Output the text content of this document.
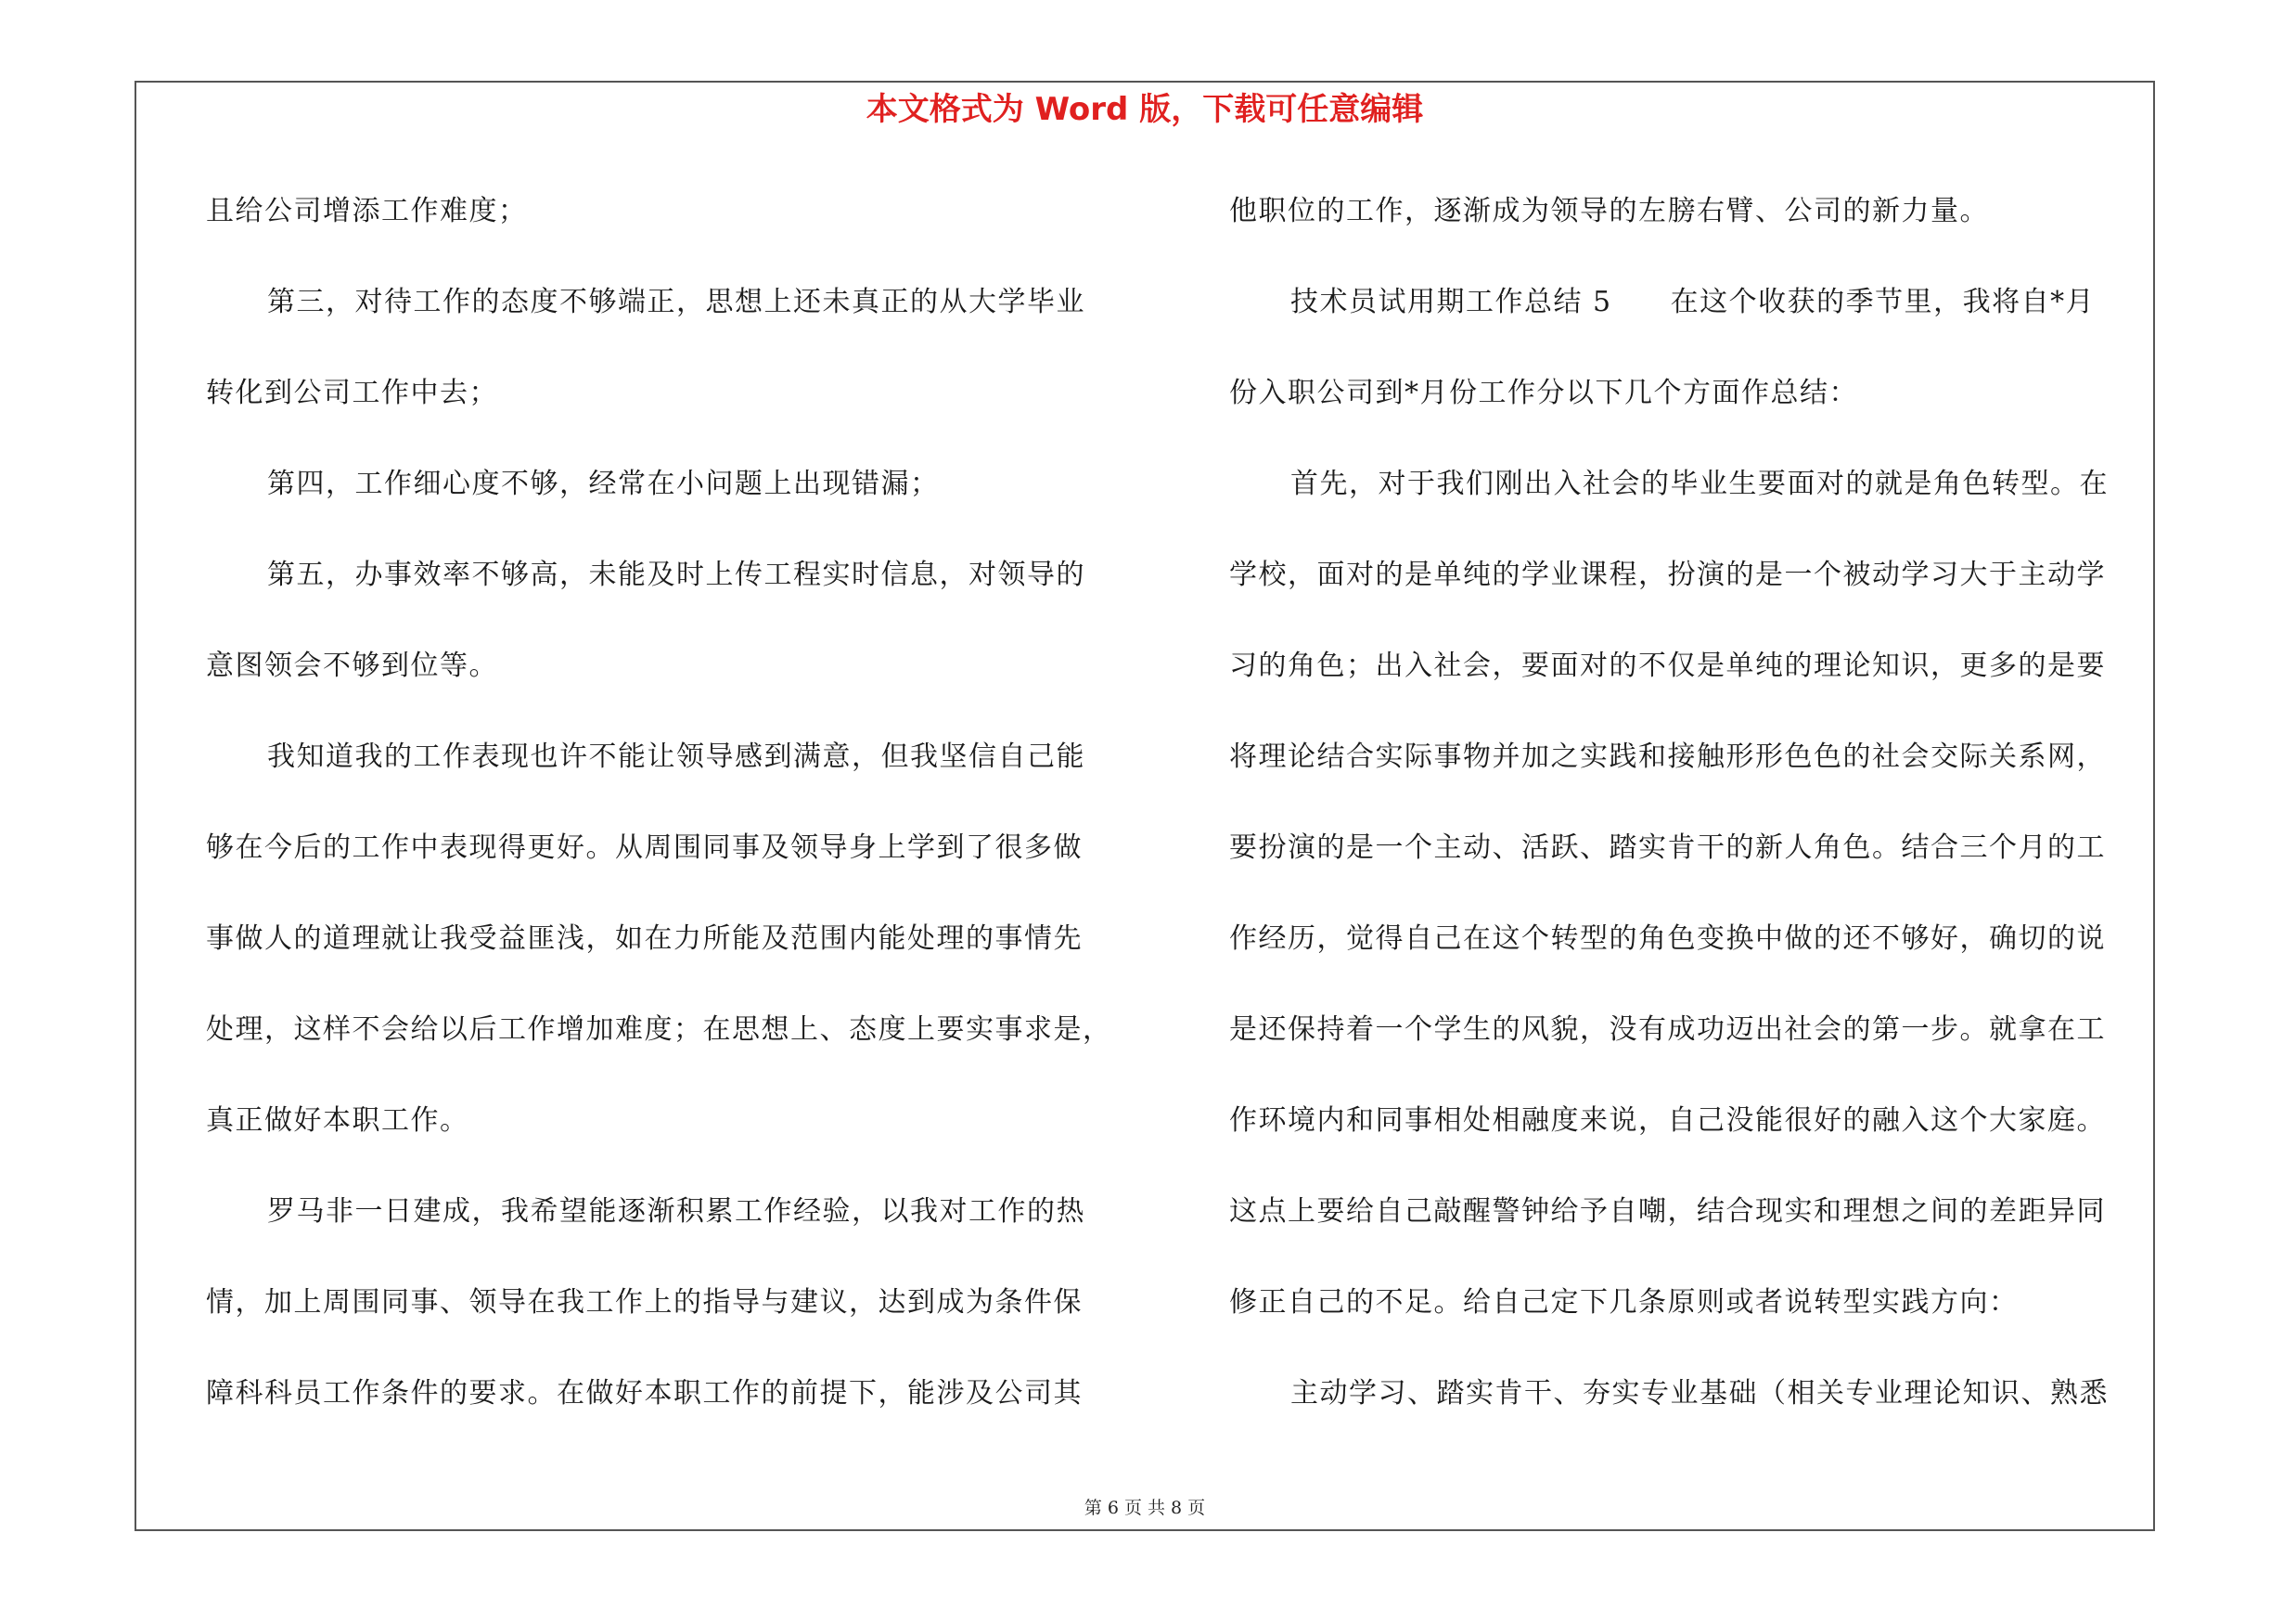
本文格式为 Word 版，下载可任意编辑
且给公司增添工作难度；
第三，对待工作的态度不够端正，思想上还未真正的从大学毕业
转化到公司工作中去；
第四，工作细心度不够，经常在小问题上出现错漏；
第五，办事效率不够高，未能及时上传工程实时信息，对领导的
意图领会不够到位等。
我知道我的工作表现也许不能让领导感到满意，但我坚信自己能
够在今后的工作中表现得更好。从周围同事及领导身上学到了很多做
事做人的道理就让我受益匪浅，如在力所能及范围内能处理的事情先
处理，这样不会给以后工作增加难度；在思想上、态度上要实事求是，
真正做好本职工作。
罗马非一日建成，我希望能逐渐积累工作经验，以我对工作的热
情，加上周围同事、领导在我工作上的指导与建议，达到成为条件保
障科科员工作条件的要求。在做好本职工作的前提下，能涉及公司其
他职位的工作，逐渐成为领导的左膀右臂、公司的新力量。
技术员试用期工作总结 5　　在这个收获的季节里，我将自*月
份入职公司到*月份工作分以下几个方面作总结：
首先，对于我们刚出入社会的毕业生要面对的就是角色转型。在
学校，面对的是单纯的学业课程，扮演的是一个被动学习大于主动学
习的角色；出入社会，要面对的不仅是单纯的理论知识，更多的是要
将理论结合实际事物并加之实践和接触形形色色的社会交际关系网，
要扮演的是一个主动、活跃、踏实肯干的新人角色。结合三个月的工
作经历，觉得自己在这个转型的角色变换中做的还不够好，确切的说
是还保持着一个学生的风貌，没有成功迈出社会的第一步。就拿在工
作环境内和同事相处相融度来说，自己没能很好的融入这个大家庭。
这点上要给自己敲醒警钟给予自嘲，结合现实和理想之间的差距异同
修正自己的不足。给自己定下几条原则或者说转型实践方向：
主动学习、踏实肯干、夯实专业基础（相关专业理论知识、熟悉
第 6 页 共 8 页
